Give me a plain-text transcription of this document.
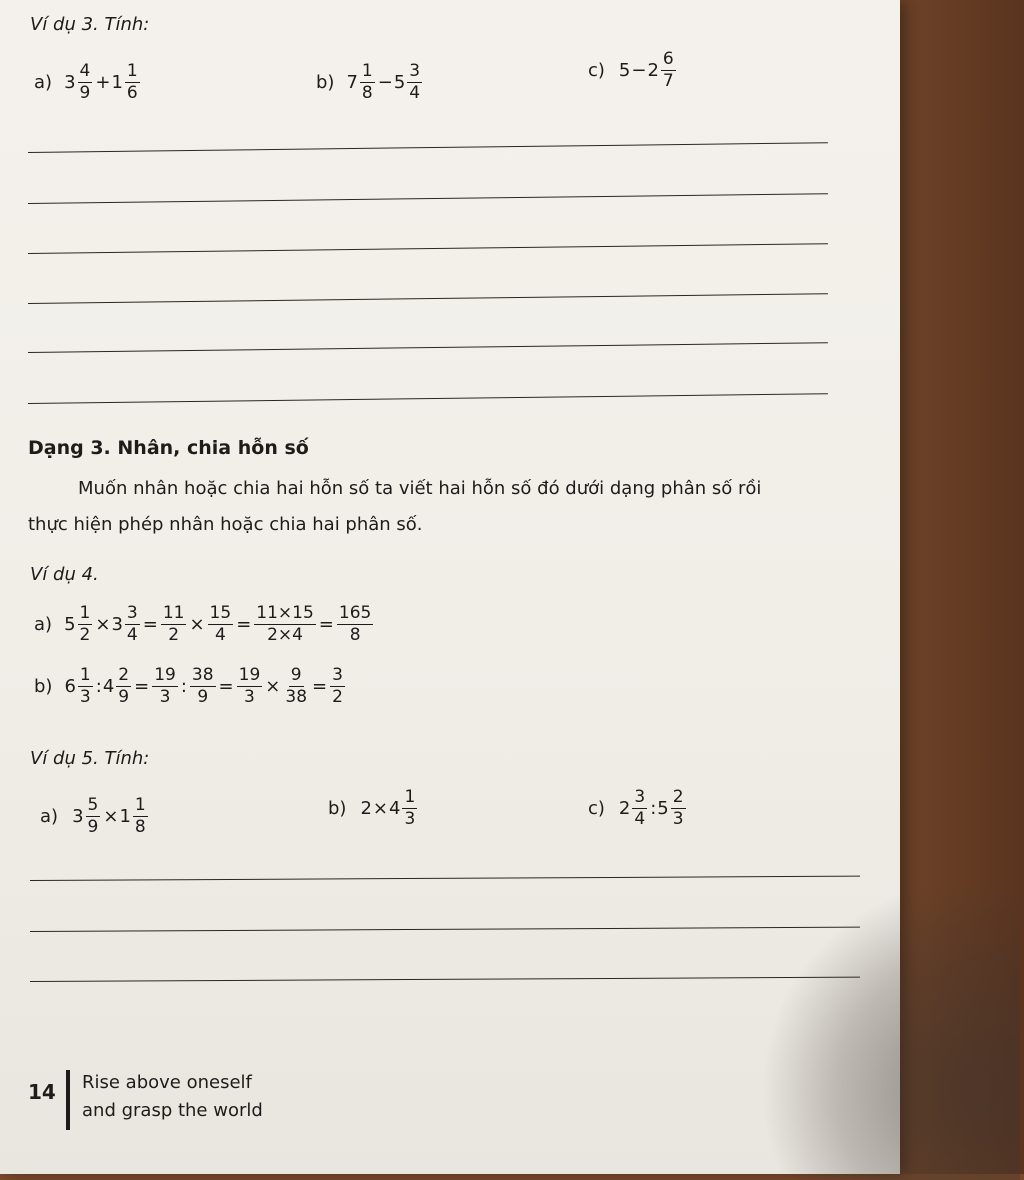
Ví dụ 3. Tính:
a) $3 \frac{4}{9} + 1 \frac{1}{6}$	b) $7 \frac{1}{8} - 5 \frac{3}{4}$	c) $5 - 2 \frac{6}{7}$
Dạng 3. Nhân, chia hỗn số
Muốn nhân hoặc chia hai hỗn số ta viết hai hỗn số đó dưới dạng phân số rồi
thực hiện phép nhân hoặc chia hai phân số.
Ví dụ 4.
a) $5 \frac{1}{2} \times 3 \frac{3}{4} = \frac{11}{2} \times \frac{15}{4} = \frac{11\times 15}{2\times 4} = \frac{165}{8}$
b) $6 \frac{1}{3}$ : $4 \frac{2}{9} = \frac{19}{3}$ : $\frac{38}{9} = \frac{19}{3} \times \frac{9}{38} = \frac{3}{2}$
Ví dụ 5. Tính:
a) $3 \frac{5}{9} \times 1 \frac{1}{8}$	b) $2 \times 4 \frac{1}{3}$	c) $2 \frac{3}{4}$ : $5 \frac{2}{3}$
14 Rise above oneself
and grasp the world
